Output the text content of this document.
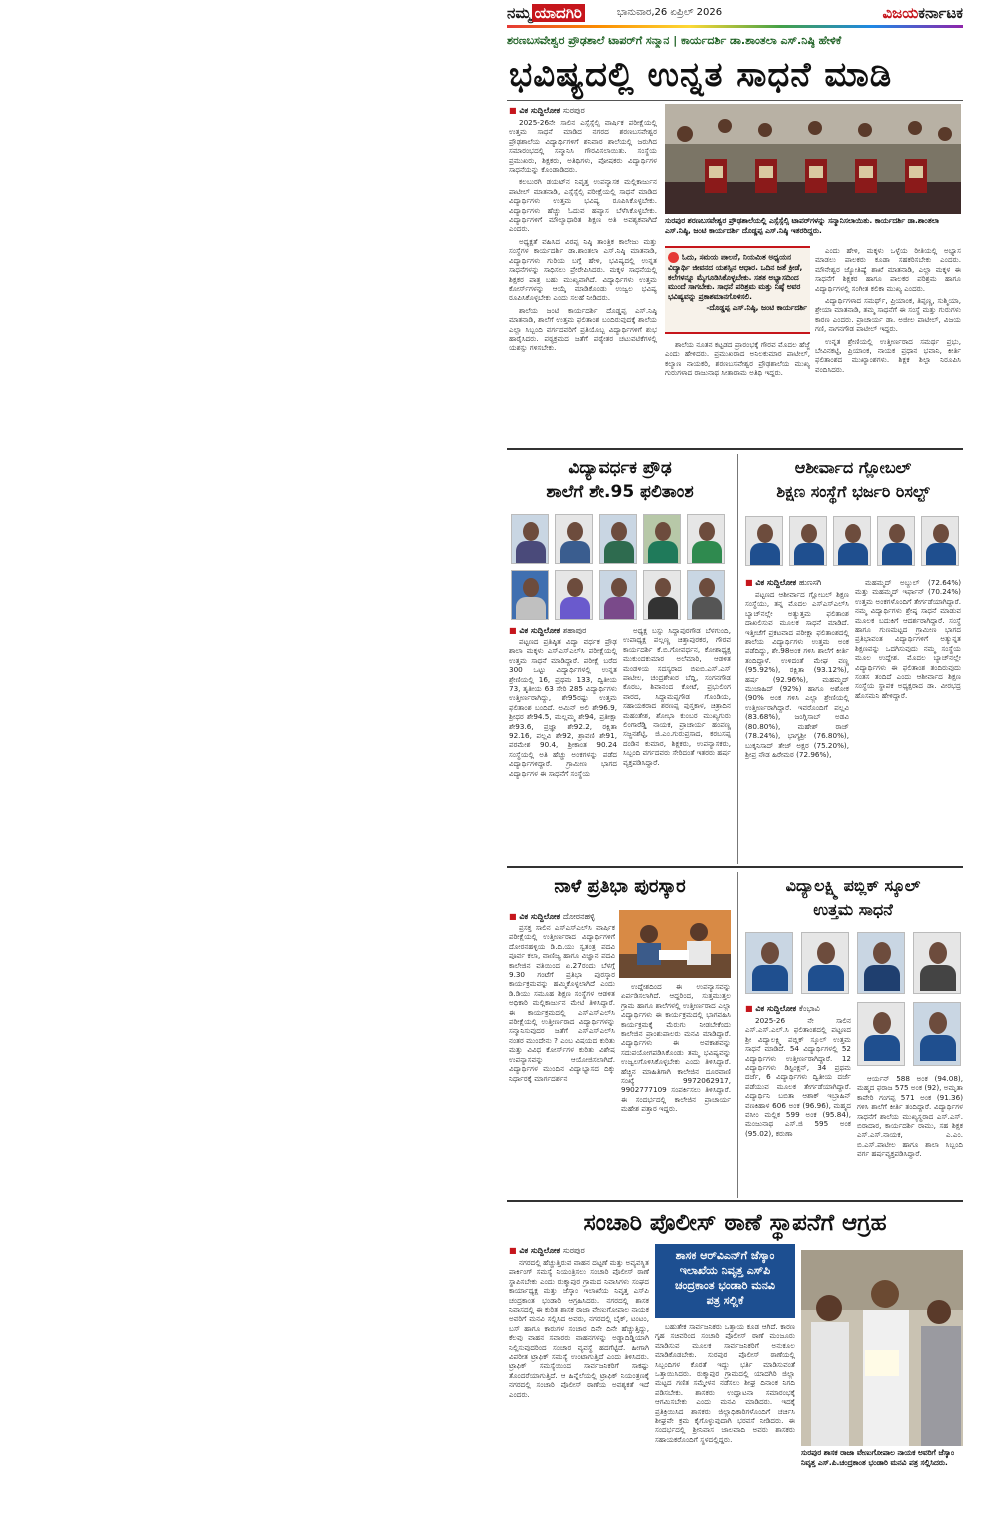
ನಮ್ಮ ಯಾದಗಿರಿ	ಭಾನುವಾರ,26 ಏಪ್ರಿಲ್ 2026	ವಿಜಯಕರ್ನಾಟಕ
ಶರಣಬಸವೇಶ್ವರ ಪ್ರೌಢಶಾಲೆ ಟಾಪರ್‌ಗೆ ಸನ್ಮಾನ | ಕಾರ್ಯದರ್ಶಿ ಡಾ.ಶಾಂತಲಾ ಎಸ್.ನಿಷ್ಠಿ ಹೇಳಿಕೆ
ಭವಿಷ್ಯದಲ್ಲಿ ಉನ್ನತ ಸಾಧನೆ ಮಾಡಿ
■ ವಿಕ ಸುದ್ದಿಲೋಕ ಸುರಪುರ

2025-26ನೇ ಸಾಲಿನ ಎಸ್ಸೆಸ್ಸೆಲ್ಸಿ ವಾರ್ಷಿಕ ಪರೀಕ್ಷೆಯಲ್ಲಿ ಉತ್ತಮ ಸಾಧನೆ ಮಾಡಿದ ನಗರದ ಶರಣಬಸವೇಶ್ವರ ಪ್ರೌಢಶಾಲೆಯ ವಿದ್ಯಾರ್ಥಿಗಳಿಗೆ ಶನಿವಾರ ಶಾಲೆಯಲ್ಲಿ ಜರುಗಿದ ಸಮಾರಂಭದಲ್ಲಿ ಸನ್ಮಾನಿಸಿ ಗೌರವಿಸಲಾಯಿತು. ಸಂಸ್ಥೆಯ ಪ್ರಮುಖರು, ಶಿಕ್ಷಕರು, ಅತಿಥಿಗಳು, ಪೋಷಕರು ವಿದ್ಯಾರ್ಥಿಗಳ ಸಾಧನೆಯನ್ನು ಕೊಂಡಾಡಿದರು.

ಕಲಬುರಗಿ ಡಯಟ್‌ನ ನಿವೃತ್ತ ಉಪನ್ಯಾಸಕ ಮಲ್ಲಿಕಾರ್ಜುನ ಪಾಟೀಲ್ ಮಾತನಾಡಿ, ಎಸ್ಸೆಸ್ಸೆಲ್ಸಿ ಪರೀಕ್ಷೆಯಲ್ಲಿ ಸಾಧನೆ ಮಾಡಿದ ವಿದ್ಯಾರ್ಥಿಗಳು ಉತ್ತಮ ಭವಿಷ್ಯ ರೂಪಿಸಿಕೊಳ್ಳಬೇಕು. ವಿದ್ಯಾರ್ಥಿಗಳು ಹೆಚ್ಚು ಓದುವ ಹವ್ಯಾಸ ಬೆಳೆಸಿಕೊಳ್ಳಬೇಕು. ವಿದ್ಯಾರ್ಥಿಗಳಿಗೆ ಮೌಲ್ಯಾಧಾರಿತ ಶಿಕ್ಷಣ ಅತಿ ಅವಶ್ಯಕವಾಗಿದೆ ಎಂದರು.

ಅಧ್ಯಕ್ಷತೆ ವಹಿಸಿದ ವಿರಪ್ಪ ನಿಷ್ಠಿ ತಾಂತ್ರಿಕ ಕಾಲೇಜು ಮತ್ತು ಸಂಸ್ಥೆಗಳ ಕಾರ್ಯದರ್ಶಿ ಡಾ.ಶಾಂತಲಾ ಎಸ್.ನಿಷ್ಠಿ ಮಾತನಾಡಿ, ವಿದ್ಯಾರ್ಥಿಗಳು ಗುರಿಯ ಬಗ್ಗೆ ಹೇಳಿ, ಭವಿಷ್ಯದಲ್ಲಿ ಉನ್ನತ ಸಾಧನೆಗಳನ್ನು ಸಾಧಿಸಲು ಪ್ರೇರೇಪಿಸಿದರು. ಮಕ್ಕಳ ಸಾಧನೆಯಲ್ಲಿ ಶಿಕ್ಷಕರ ಪಾತ್ರ ಬಹು ಮುಖ್ಯವಾಗಿದೆ. ವಿದ್ಯಾರ್ಥಿಗಳು ಉತ್ತಮ ಕೋರ್ಸ್‌ಗಳನ್ನು ಆಯ್ಕೆ ಮಾಡಿಕೊಂಡು ಉಜ್ವಲ ಭವಿಷ್ಯ ರೂಪಿಸಿಕೊಳ್ಳಬೇಕು ಎಂದು ಸಲಹೆ ನೀಡಿದರು.

ಶಾಲೆಯ ಜಂಟಿ ಕಾರ್ಯದರ್ಶಿ ದೊಡ್ಡಪ್ಪ ಎಸ್.ನಿಷ್ಠಿ ಮಾತನಾಡಿ, ಶಾಲೆಗೆ ಉತ್ತಮ ಫಲಿತಾಂಶ ಬಂದಿರುವುದಕ್ಕೆ ಶಾಲೆಯ ಎಲ್ಲಾ ಸಿಬ್ಬಂದಿ ವರ್ಗದವರಿಗೆ ಪ್ರತಿಯೊಬ್ಬ ವಿದ್ಯಾರ್ಥಿಗಳಿಗೆ ಶುಭ ಹಾರೈಸಿದರು. ಪಠ್ಯಕ್ರಮದ ಜತೆಗೆ ಪಠ್ಯೇತರ ಚಟುವಟಿಕೆಗಳಲ್ಲಿ ಯಶಸ್ಸು ಗಳಿಸಬೇಕು.

ಸುರಪುರ ಶರಣಬಸವೇಶ್ವರ ಪ್ರೌಢಶಾಲೆಯಲ್ಲಿ ಎಸ್ಸೆಸ್ಸೆಲ್ಸಿ ಟಾಪರ್‌ಗಳನ್ನು ಸನ್ಮಾನಿಸಲಾಯಿತು. ಕಾರ್ಯದರ್ಶಿ ಡಾ.ಶಾಂತಲಾ ಎಸ್.ನಿಷ್ಠಿ, ಜಂಟಿ ಕಾರ್ಯದರ್ಶಿ ದೊಡ್ಡಪ್ಪ ಎಸ್.ನಿಷ್ಠಿ ಇತರರಿದ್ದರು.
ಓದು, ಸಮಯ ಪಾಲನೆ, ನಿಯಮಿತ ಅಧ್ಯಯನ ವಿದ್ಯಾರ್ಥಿ ಜೀವನದ ಯಶಸ್ಸಿನ ಆಧಾರ. ಒದಿನ ಜತೆ ಕ್ರೀಡೆ, ಕಲೆಗಳನ್ನೂ ಮೈಗೂಡಿಸಿಕೊಳ್ಳಬೇಕು. ಸತತ ಅಭ್ಯಾಸದಿಂದ ಮುಂದೆ ಸಾಗಬೇಕು. ಸಾಧನೆ ಪರಿಶ್ರಮ ಮತ್ತು ನಿಷ್ಠೆ ಅವರ ಭವಿಷ್ಯವನ್ನು ಪ್ರಕಾಶಮಾನಗೊಳಿಸಲಿ.
-ದೊಡ್ಡಪ್ಪ ಎಸ್.ನಿಷ್ಠಿ, ಜಂಟಿ ಕಾರ್ಯದರ್ಶಿ

ಶಾಲೆಯ ನೂತನ ಕಟ್ಟಡದ ಪ್ರಾರಂಭಕ್ಕೆ ಗೌರವ ಮೊದಲ ಹೆಜ್ಜೆ ಎಂದು ಹೇಳಿದರು. ಪ್ರಮುಖರಾದ ಅನಿಲಕುಮಾರ ಪಾಟೀಲ್, ಕಲ್ಯಾಣ ನಾಯಕರಿ, ಶರಣಬಸವೇಶ್ವರ ಪ್ರೌಢಶಾಲೆಯ ಮುಖ್ಯ ಗುರುಗಳಾದ ರಾಜುನಾಥ ಸೀತಾರಾಮ ಅತಿಥಿ ಇದ್ದರು.

ಎಂದು ಹೇಳಿ, ಮಕ್ಕಳು ಒಳ್ಳೆಯ ರೀತಿಯಲ್ಲಿ ಅಭ್ಯಾಸ ಮಾಡಲು ಪಾಲಕರು ಕೂಡಾ ಸಹಕರಿಸಬೇಕು ಎಂದರು. ಮೌನೇಶ್ವರ ಜ್ಯೋತಿಷ್ಯೆ ಶಾಖೆ ಮಾತನಾಡಿ, ಎಲ್ಲಾ ಮಕ್ಕಳ ಈ ಸಾಧನೆಗೆ ಶಿಕ್ಷಕರ ಹಾಗೂ ಪಾಲಕರ ಪರಿಶ್ರಮ ಹಾಗೂ ವಿದ್ಯಾರ್ಥಿಗಳಲ್ಲಿ ಸಂಗೀತ ಕಲಿಕಾ ಮುಖ್ಯ ಎಂದರು.

ವಿದ್ಯಾರ್ಥಿಗಳಾದ ಸಮರ್ಥ್, ಪ್ರಿಯಾಂಕ, ತಿಪ್ಪಣ್ಣ, ಸುಶ್ಮಿಯಾ, ಶ್ರೇಯಾ ಮಾತನಾಡಿ, ತಮ್ಮ ಸಾಧನೆಗೆ ಈ ಸಂಸ್ಥೆ ಮತ್ತು ಗುರುಗಳು ಕಾರಣ ಎಂದರು. ಪ್ರಾಚಾರ್ಯ ಡಾ. ಅಜೀಲ ಪಾಟೀಲ್, ವಿಜಯ ಗಣಿ, ನಾಗನಗೌಡ ಪಾಟೀಲ್ ಇದ್ದರು.

ಉನ್ನತ ಶ್ರೇಣಿಯಲ್ಲಿ ಉತ್ತೀರ್ಣರಾದ ಸಮರ್ಥ ಪ್ರಭು, ಬೇವಿನಕಟ್ಟಿ, ಪ್ರಿಯಾಂಕ, ನಾಯಕ ಪ್ರಧಾನ ಭವಾನಿ, ಕೀರ್ತಿ ಫಲಿತಾಂಶದ ಮುಖ್ಯಾಂಶಗಳು. ಶಿಕ್ಷಕ ಶಿಲ್ಪಾ ನಿರೂಪಿಸಿ ವಂದಿಸಿದರು.

ವಿದ್ಯಾವರ್ಧಕ ಪ್ರೌಢ
ಶಾಲೆಗೆ ಶೇ.95 ಫಲಿತಾಂಶ
■ ವಿಕ ಸುದ್ದಿಲೋಕ ಶಹಾಪುರ

ಪಟ್ಟಣದ ಪ್ರತಿಷ್ಠಿತ ವಿದ್ಯಾ ವರ್ಧಕ ಪ್ರೌಢ ಶಾಲಾ ಮಕ್ಕಳು ಎಸ್‌ಎಸ್‌ಎಲ್‌ಸಿ ಪರೀಕ್ಷೆಯಲ್ಲಿ ಉತ್ತಮ ಸಾಧನೆ ಮಾಡಿದ್ದಾರೆ. ಪರೀಕ್ಷೆ ಬರೆದ 300 ಒಟ್ಟು ವಿದ್ಯಾರ್ಥಿಗಳಲ್ಲಿ ಉನ್ನತ ಶ್ರೇಣಿಯಲ್ಲಿ 16, ಪ್ರಥಮ 133, ದ್ವಿತೀಯ 73, ತೃತೀಯ 63 ಸೇರಿ 285 ವಿದ್ಯಾರ್ಥಿಗಳು ಉತ್ತೀರ್ಣರಾಗಿದ್ದು, ಶೇ95ರಷ್ಟು ಉತ್ತಮ ಫಲಿತಾಂಶ ಬಂದಿದೆ. ಅಮಿನ್ ಅಲಿ ಶೇ96.9, ಶ್ರೀಧರ ಶೇ94.5, ಮಲ್ಲಮ್ಮ ಶೇ94, ಪ್ರತೀಕ್ಷಾ ಶೇ93.6, ಪ್ರಜ್ಞಾ ಶೇ92.2, ರಕ್ಷಿತಾ 92.16, ಪಲ್ಲವಿ ಶೇ92, ಶ್ರಾವಣಿ ಶೇ91, ಪರಮೇಶ 90.4, ಶ್ರೀಕಾಂತ 90.24 ಸಂಸ್ಥೆಯಲ್ಲಿ ಅತಿ ಹೆಚ್ಚು ಅಂಕಗಳನ್ನು ಪಡೆದ ವಿದ್ಯಾರ್ಥಿಗಳಿದ್ದಾರೆ. ಗ್ರಾಮೀಣ ಭಾಗದ ವಿದ್ಯಾರ್ಥಿಗಳ ಈ ಸಾಧನೆಗೆ ಸಂಸ್ಥೆಯ

ಅಧ್ಯಕ್ಷ ಬಸ್ಸು ಸಿದ್ದಾಪುರಗೌಡ ಬೆಳಗುಂದಿ, ಉಪಾಧ್ಯಕ್ಷ ಪಲ್ಲಣ್ಣ ಚಿತ್ತಾಪುರಕರ, ಗೌರವ ಕಾರ್ಯದರ್ಶಿ ಕೆ.ಬಿ.ಗೋವರ್ಧನ, ಕೋಶಾಧ್ಯಕ್ಷ ಮುಕುಂದಕುಮಾರ ಅಲೆಮಾರಿ, ಆಡಳಿತ ಮಂಡಳಿಯ ಸದಸ್ಯರಾದ ಬಿಐಬಿ.ಎಸ್.ಎಸ್ ಪಾಟೀಲ, ಚಂದ್ರಶೇಖರ ಬೆದ್ದಿ, ಸಂಗನಗೌಡ ಕೊರಬ, ಶಿವಾನಂದ ಕೋಟೆ, ಪ್ರಭುಲಿಂಗ ವಾರದ, ಸಿದ್ದಾಮಪ್ಪಗೌಡ ಗೊಂಡಿಯ, ಸಹಾಯಕರಾದ ಶರಣಪ್ಪ ಪುಸ್ತಕಾಳ, ಚಿತ್ರಾದಿನ ಮಹಂತೇಶ, ಶೋಭಾ ಕುಂಬರ ಮುಖ್ಯಗುರು ಲಿಂಗಾರೆಡ್ಡಿ ನಾಯಕ, ಪ್ರಾಚಾರ್ಯ ಹಂಪಣ್ಣ ಸಜ್ಜನಶೆಟ್ಟಿ, ಜಿ.ಎಂ.ಗುರುಪ್ರಸಾದ, ಕರಬಸಪ್ಪ ದಂಡಿನ ಕುಮಾರ, ಶಿಕ್ಷಕರು, ಉಪನ್ಯಾಸಕರು, ಸಿಬ್ಬಂದಿ ವರ್ಗದವರು ಸೇರಿದಂತೆ ಇತರರು ಹರ್ಷ ವ್ಯಕ್ತಪಡಿಸಿದ್ದಾರೆ.

ಆಶೀರ್ವಾದ ಗ್ಲೋಬಲ್
ಶಿಕ್ಷಣ ಸಂಸ್ಥೆಗೆ ಭರ್ಜರಿ ರಿಸಲ್ಟ್
■ ವಿಕ ಸುದ್ದಿಲೋಕ ಹುಣಸಗಿ

ಪಟ್ಟಣದ ಆಶೀರ್ವಾದ ಗ್ಲೋಬಲ್ ಶಿಕ್ಷಣ ಸಂಸ್ಥೆಯು, ತನ್ನ ಮೊದಲ ಎಸ್‌ಎಸ್‌ಎಲ್‌ಸಿ ಬ್ಯಾಚ್‌ನಲ್ಲೇ ಅತ್ಯುತ್ತಮ ಫಲಿತಾಂಶ ದಾಖಲಿಸುವ ಮೂಲಕ ಸಾಧನೆ ಮಾಡಿದೆ. ಇತ್ತೀಚೆಗೆ ಪ್ರಕಟವಾದ ಪರೀಕ್ಷಾ ಫಲಿತಾಂಶದಲ್ಲಿ ಶಾಲೆಯ ವಿದ್ಯಾರ್ಥಿಗಳು ಉತ್ತಮ ಅಂಕ ಪಡೆದಿದ್ದು, ಶೇ.98ಅಂಕ ಗಳಿಸಿ ಶಾಲೆಗೆ ಕೀರ್ತಿ ತಂದಿದ್ದಾಳೆ. ಉಳಿದಂತೆ ಮೇಘ ವಣ್ಣ (95.92%), ರಕ್ಷಿತಾ (93.12%), ಹರ್ಷ (92.96%), ಮಹಮ್ಮದ್ ಮುಜಾಹಿದ್ (92%) ಹಾಗೂ ಅಶೋಕ (90% ಅಂಕ ಗಳಿಸಿ ಎಲ್ಲಾ ಶ್ರೇಣಿಯಲ್ಲಿ ಉತ್ತೀರ್ಣರಾಗಿದ್ದಾರೆ. ಇವರೊಂದಿಗೆ ಪಲ್ಲವಿ (83.68%), ಜಂಗ್ಲಿಸಾಬ್ ಅಡವಿ (80.80%), ಮಹೇಶ್ ರಾಜ್ (78.24%), ಭಾಗ್ಯಶ್ರೀ (76.80%), ಬುಕ್ಕನಿಸಾದ್ ತೇಜ್ ಅಕ್ಷರ (75.20%), ಶ್ರೀಪ್ರ ನೌಡ ಹಿರೇಮಠ (72.96%),

ಮಹಮ್ಮದ್ ಅಬ್ದುಲ್ (72.64%) ಮತ್ತು ಮಹಮ್ಮದ್ ಇರ್ಫಾನ್ (70.24%) ಉತ್ತಮ ಅಂಕಗಳೊಂದಿಗೆ ತೇರ್ಗಡೆಯಾಗಿದ್ದಾರೆ. ನಮ್ಮ ವಿದ್ಯಾರ್ಥಿಗಳು ಶ್ರೇಷ್ಠ ಸಾಧನೆ ಮಾಡುವ ಮೂಲಕ ಬದುಕಿಗೆ ಆದರ್ಶರಾಗಿದ್ದಾರೆ. ಸಂಸ್ಥೆ ಹಾಗೂ ಗುಣಮಟ್ಟದ ಗ್ರಾಮೀಣ ಭಾಗದ ಪ್ರತಿಭಾವಂತ ವಿದ್ಯಾರ್ಥಿಗಳಿಗೆ ಅತ್ಯುನ್ನತ ಶಿಕ್ಷಣವನ್ನು ಒದಗಿಸುವುದು ನಮ್ಮ ಸಂಸ್ಥೆಯ ಮೂಲ ಉದ್ದೇಶ. ಮೊದಲ ಬ್ಯಾಚ್‌ನಲ್ಲೇ ವಿದ್ಯಾರ್ಥಿಗಳು ಈ ಫಲಿತಾಂಶ ತಂದಿರುವುದು ಸಂತಸ ತಂದಿದೆ ಎಂದು ಆಶೀರ್ವಾದ ಶಿಕ್ಷಣ ಸಂಸ್ಥೆಯ ಸ್ಥಾಪಕ ಅಧ್ಯಕ್ಷರಾದ ಡಾ. ವೀರಭದ್ರ ಹೊಸಮನಿ ಹೇಳಿದ್ದಾರೆ.

ನಾಳೆ ಪ್ರತಿಭಾ ಪುರಸ್ಕಾರ
■ ವಿಕ ಸುದ್ದಿಲೋಕ ದೋರನಹಳ್ಳಿ

ಪ್ರಸಕ್ತ ಸಾಲಿನ ಎಸ್‌ಎಸ್‌ಎಲ್‌ಸಿ ವಾರ್ಷಿಕ ಪರೀಕ್ಷೆಯಲ್ಲಿ ಉತ್ತೀರ್ಣರಾದ ವಿದ್ಯಾರ್ಥಿಗಳಿಗೆ ದೋರನಹಳ್ಳಿಯ ಡಿ.ದಿ.ಯು ಸ್ವತಂತ್ರ ಪದವಿ ಪೂರ್ವ ಕಲಾ, ವಾಣಿಜ್ಯ ಹಾಗೂ ವಿಜ್ಞಾನ ಪದವಿ ಕಾಲೇಜಿನ ವತಿಯಿಂದ ಏ.27ರಂದು ಬೆಳಗ್ಗೆ 9.30 ಗಂಟೆಗೆ ಪ್ರತಿಭಾ ಪುರಸ್ಕಾರ ಕಾರ್ಯಕ್ರಮವನ್ನು ಹಮ್ಮಿಕೊಳ್ಳಲಾಗಿದೆ ಎಂದು ಡಿ.ಡಿಯು ಸಮೂಹ ಶಿಕ್ಷಣ ಸಂಸ್ಥೆಗಳ ಆಡಳಿತ ಅಧಿಕಾರಿ ಮಲ್ಲಿಕಾರ್ಜುನ ಮೇಟಿ ತಿಳಿಸಿದ್ದಾರೆ. ಈ ಕಾರ್ಯಕ್ರಮದಲ್ಲಿ ಎಸ್‌ಎಸ್‌ಎಲ್‌ಸಿ ಪರೀಕ್ಷೆಯಲ್ಲಿ ಉತ್ತೀರ್ಣರಾದ ವಿದ್ಯಾರ್ಥಿಗಳನ್ನು ಸನ್ಮಾನಿಸುವುದರ ಜತೆಗೆ ಎಸ್‌ಎಸ್‌ಎಲ್‌ಸಿ ನಂತರ ಮುಂದೇನು ? ಎಂಬ ವಿಷಯದ ಕುರಿತು ಮತ್ತು ವಿವಿಧ ಕೋರ್ಸ್‌ಗಳ ಕುರಿತು ವಿಶೇಷ ಉಪನ್ಯಾಸವನ್ನು ಆಯೋಜಿಸಲಾಗಿದೆ. ವಿದ್ಯಾರ್ಥಿಗಳ ಮುಂದಿನ ವಿದ್ಯಾಭ್ಯಾಸದ ದಿಕ್ಕು ನಿರ್ಧಾರಕ್ಕೆ ಮಾರ್ಗದರ್ಶನ

ಉದ್ದೇಶದಿಂದ ಈ ಉಪನ್ಯಾಸವನ್ನು ಏರ್ಪಡಿಸಲಾಗಿದೆ. ಆದ್ದರಿಂದ, ಸುತ್ತಮುತ್ತಲ ಗ್ರಾಮ ಹಾಗೂ ಶಾಲೆಗಳಲ್ಲಿ ಉತ್ತೀರ್ಣರಾದ ಎಲ್ಲಾ ವಿದ್ಯಾರ್ಥಿಗಳು ಈ ಕಾರ್ಯಕ್ರಮದಲ್ಲಿ ಭಾಗವಹಿಸಿ ಕಾರ್ಯಕ್ರಮಕ್ಕೆ ಮೆರುಗು ನೀಡಬೇಕೆಂದು ಕಾಲೇಜಿನ ಪ್ರಾಂಶುಪಾಲರು ಮನವಿ ಮಾಡಿದ್ದಾರೆ. ವಿದ್ಯಾರ್ಥಿಗಳು ಈ ಅವಕಾಶವನ್ನು ಸದುಪಯೋಗಪಡಿಸಿಕೊಂಡು ತಮ್ಮ ಭವಿಷ್ಯವನ್ನು ಉಜ್ವಲಗೊಳಿಸಿಕೊಳ್ಳಬೇಕು ಎಂದು ತಿಳಿಸಿದ್ದಾರೆ. ಹೆಚ್ಚಿನ ಮಾಹಿತಿಗಾಗಿ ಕಾಲೇಜಿನ ದೂರವಾಣಿ ಸಂಖ್ಯೆ 9972062917, 9902777109 ಸಂಪರ್ಕಿಸಲು ತಿಳಿಸಿದ್ದಾರೆ. ಈ ಸಂದರ್ಭದಲ್ಲಿ ಕಾಲೇಜಿನ ಪ್ರಾಚಾರ್ಯ ಮಹೇಶ ಪತ್ತಾರ ಇದ್ದರು.

ವಿದ್ಯಾಲಕ್ಷ್ಮಿ ಪಬ್ಲಿಕ್ ಸ್ಕೂಲ್
ಉತ್ತಮ ಸಾಧನೆ
■ ವಿಕ ಸುದ್ದಿಲೋಕ ಕೆಂಭಾವಿ

2025-26 ನೇ ಸಾಲಿನ ಎಸ್.ಎಸ್.ಎಲ್.ಸಿ ಫಲಿತಾಂಶದಲ್ಲಿ ಪಟ್ಟಣದ ಶ್ರೀ ವಿದ್ಯಾಲಕ್ಷ್ಮಿ ಪಬ್ಲಿಕ್ ಸ್ಕೂಲ್ ಉತ್ತಮ ಸಾಧನೆ ಮಾಡಿದೆ. 54 ವಿದ್ಯಾರ್ಥಿಗಳಲ್ಲಿ 52 ವಿದ್ಯಾರ್ಥಿಗಳು ಉತ್ತೀರ್ಣರಾಗಿದ್ದಾರೆ. 12 ವಿದ್ಯಾರ್ಥಿಗಳು ಡಿಸ್ಟಿಂಕ್ಷನ್, 34 ಪ್ರಥಮ ದರ್ಜೆ, 6 ವಿದ್ಯಾರ್ಥಿಗಳು ದ್ವಿತೀಯ ದರ್ಜೆ ಪಡೆಯುವ ಮೂಲಕ ತೇರ್ಗಡೆಯಾಗಿದ್ದಾರೆ. ವಿದ್ಯಾರ್ಥಿನಿ ಬಬಿತಾ ಆಶಾಕ್ ಇಬ್ರಾಹಿನ್ ವಣಕಿಹಾಳ 606 ಅಂಕ (96.96), ಮಹ್ಮದ ವಸೀಂ ಮಲ್ಲಿಕ 599 ಅಂಕ (95.84), ಮಂಜುನಾಥ ಎಸ್.ಜಿ 595 ಅಂಕ (95.02), ಕರುಣಾ

ಆರ್ಯನ್ 588 ಅಂಕ (94.08), ಮಹ್ಮದ ಫರಾಜ 575 ಅಂಕ (92), ಅಮೃತಾ ಕಾವೇರಿ ಗಂಗಪ್ಪ 571 ಅಂಕ (91.36) ಗಳಿಸಿ ಶಾಲೆಗೆ ಕೀರ್ತಿ ತಂದಿದ್ದಾರೆ. ವಿದ್ಯಾರ್ಥಿಗಳ ಸಾಧನೆಗೆ ಶಾಲೆಯ ಮುಖ್ಯಸ್ಥರಾದ ಎಸ್.ಎಸ್. ಬಿರಾದಾರ, ಕಾರ್ಯದರ್ಶಿ ರಾಮು, ಸಹ ಶಿಕ್ಷಕ ಎಸ್.ಎಸ್.ನಾಯಕ, ಎ.ಎಂ. ಬಿ.ಎಸ್.ಪಾಟೀಲ ಹಾಗೂ ಶಾಲಾ ಸಿಬ್ಬಂದಿ ವರ್ಗ ಹರ್ಷವ್ಯಕ್ತಪಡಿಸಿದ್ದಾರೆ.

ಸಂಚಾರಿ ಪೊಲೀಸ್ ಠಾಣೆ ಸ್ಥಾಪನೆಗೆ ಆಗ್ರಹ
■ ವಿಕ ಸುದ್ದಿಲೋಕ ಸುರಪುರ

ನಗರದಲ್ಲಿ ಹೆಚ್ಚುತ್ತಿರುವ ವಾಹನ ದಟ್ಟಣೆ ಮತ್ತು ಅವ್ಯವಸ್ಥಿತ ಪಾರ್ಕಿಂಗ್ ಸಮಸ್ಯೆ ನಿಯಂತ್ರಿಸಲು ಸಂಚಾರಿ ಪೊಲೀಸ್ ಠಾಣೆ ಸ್ಥಾಪಿಸಬೇಕು ಎಂದು ರುಕ್ಮಾಪುರ ಗ್ರಾಮದ ನಿವಾಸಿಗಳು ಸಂಘದ ಕಾರ್ಯಾಧ್ಯಕ್ಷ ಮತ್ತು ಜೆಸ್ಕಾಂ ಇಲಾಖೆಯ ನಿವೃತ್ತ ಎಸ್‌ಪಿ ಚಂದ್ರಕಾಂತ ಭಂಡಾರಿ ಆಗ್ರಹಿಸಿದರು. ನಗರದಲ್ಲಿ ಶಾಸಕ ನಿವಾಸದಲ್ಲಿ ಈ ಕುರಿತ ಶಾಸಕ ರಾಜಾ ವೇಣುಗೋಪಾಲ ನಾಯಕ ಅವರಿಗೆ ಮನವಿ ಸಲ್ಲಿಸಿದ ಅವರು, ನಗರದಲ್ಲಿ ಬೈಕ್, ಟಂಟಂ, ಬಸ್ ಹಾಗೂ ಕಾರುಗಳ ಸಂಚಾರ ದಿನೇ ದಿನೇ ಹೆಚ್ಚುತ್ತಿದ್ದು, ಕೆಲವು ವಾಹನ ಸವಾರರು ವಾಹನಗಳನ್ನು ಅಡ್ಡಾದಿಡ್ಡಿಯಾಗಿ ನಿಲ್ಲಿಸುವುದರಿಂದ ಸಂಚಾರ ವ್ಯವಸ್ಥೆ ಹದಗೆಟ್ಟಿದೆ. ಹೀಗಾಗಿ ವಿಪರೀತ ಟ್ರಾಫಿಕ್ ಸಮಸ್ಯೆ ಉಂಟಾಗುತ್ತಿದೆ ಎಂದು ತಿಳಿಸಿದರು. ಟ್ರಾಫಿಕ್ ಸಮಸ್ಯೆಯಿಂದ ಸಾರ್ವಜನಿಕರಿಗೆ ಸಾಕಷ್ಟು ತೊಂದರೆಯಾಗುತ್ತಿದೆ. ಆ ಹಿನ್ನೆಲೆಯಲ್ಲಿ ಟ್ರಾಫಿಕ್ ನಿಯಂತ್ರಣಕ್ಕೆ ನಗರದಲ್ಲಿ ಸಂಚಾರಿ ಪೊಲೀಸ್ ಠಾಣೆಯ ಅವಶ್ಯಕತೆ ಇದೆ ಎಂದರು.

ಶಾಸಕ ಆರ್‌ವಿಎನ್‌ಗೆ ಜೆಸ್ಕಾಂ
ಇಲಾಖೆಯ ನಿವೃತ್ತ ಎಸ್‌ಪಿ
ಚಂದ್ರಕಾಂತ ಭಂಡಾರಿ ಮನವಿ
ಪತ್ರ ಸಲ್ಲಿಕೆ

ಬಹುತೇಕ ಸಾರ್ವಜನಿಕರು ಒತ್ತಾಯ ಕೂಡ ಆಗಿದೆ. ಕಾರಣ ಗೃಹ ಸಚಿವರಿಂದ ಸಂಚಾರಿ ಪೊಲೀಸ್ ಠಾಣೆ ಮಂಜೂರು ಮಾಡಿಸುವ ಮೂಲಕ ಸಾರ್ವಜನಿಕರಿಗೆ ಅನುಕೂಲ ಮಾಡಿಕೊಡಬೇಕು. ಸುರಪುರ ಪೊಲೀಸ್ ಠಾಣೆಯಲ್ಲಿ ಸಿಬ್ಬಂದಿಗಳ ಕೊರತೆ ಇದ್ದು ಭರ್ತಿ ಮಾಡಿಸುವಂತೆ ಒತ್ತಾಯಿಸಿದರು. ರುಕ್ಮಾಪುರ ಗ್ರಾಮದಲ್ಲಿ ಯಾದಗಿರಿ ಜಿಲ್ಲಾ ಮಟ್ಟದ ಗಣಿತ ಸಮ್ಮೇಳನ ನಡೆಸಲು ಶೀಘ್ರ ದಿನಾಂಕ ನಿಗದಿ ಪಡಿಸಬೇಕು. ಶಾಸಕರು ಉದ್ಘಾಟನಾ ಸಮಾರಂಭಕ್ಕೆ ಆಗಮಿಸಬೇಕು ಎಂದು ಮನವಿ ಮಾಡಿದರು. ಇದಕ್ಕೆ ಪ್ರತಿಕ್ರಿಯಿಸಿದ ಶಾಸಕರು ಜಿಲ್ಲಾಧಿಕಾರಿಗಳೊಂದಿಗೆ ಚರ್ಚಿಸಿ ಶೀಘ್ರವೇ ಕ್ರಮ ಕೈಗೊಳ್ಳುವುದಾಗಿ ಭರವಸೆ ನೀಡಿದರು. ಈ ಸಂದರ್ಭದಲ್ಲಿ ಶ್ರೀನಿವಾಸ ಜಾಲವಾದಿ ಅವರು ಶಾಸಕರು ಸಹಾಯಕರೊಂದಿಗೆ ಸ್ಥಳದಲ್ಲಿದ್ದರು.

ಸುರಪುರ ಶಾಸಕ ರಾಜಾ ವೇಣುಗೋಪಾಲ ನಾಯಕ ಅವರಿಗೆ ಜೆಸ್ಕಾಂ ನಿವೃತ್ತ ಎಸ್.ಪಿ.ಚಂದ್ರಕಾಂತ ಭಂಡಾರಿ ಮನವಿ ಪತ್ರ ಸಲ್ಲಿಸಿದರು.
